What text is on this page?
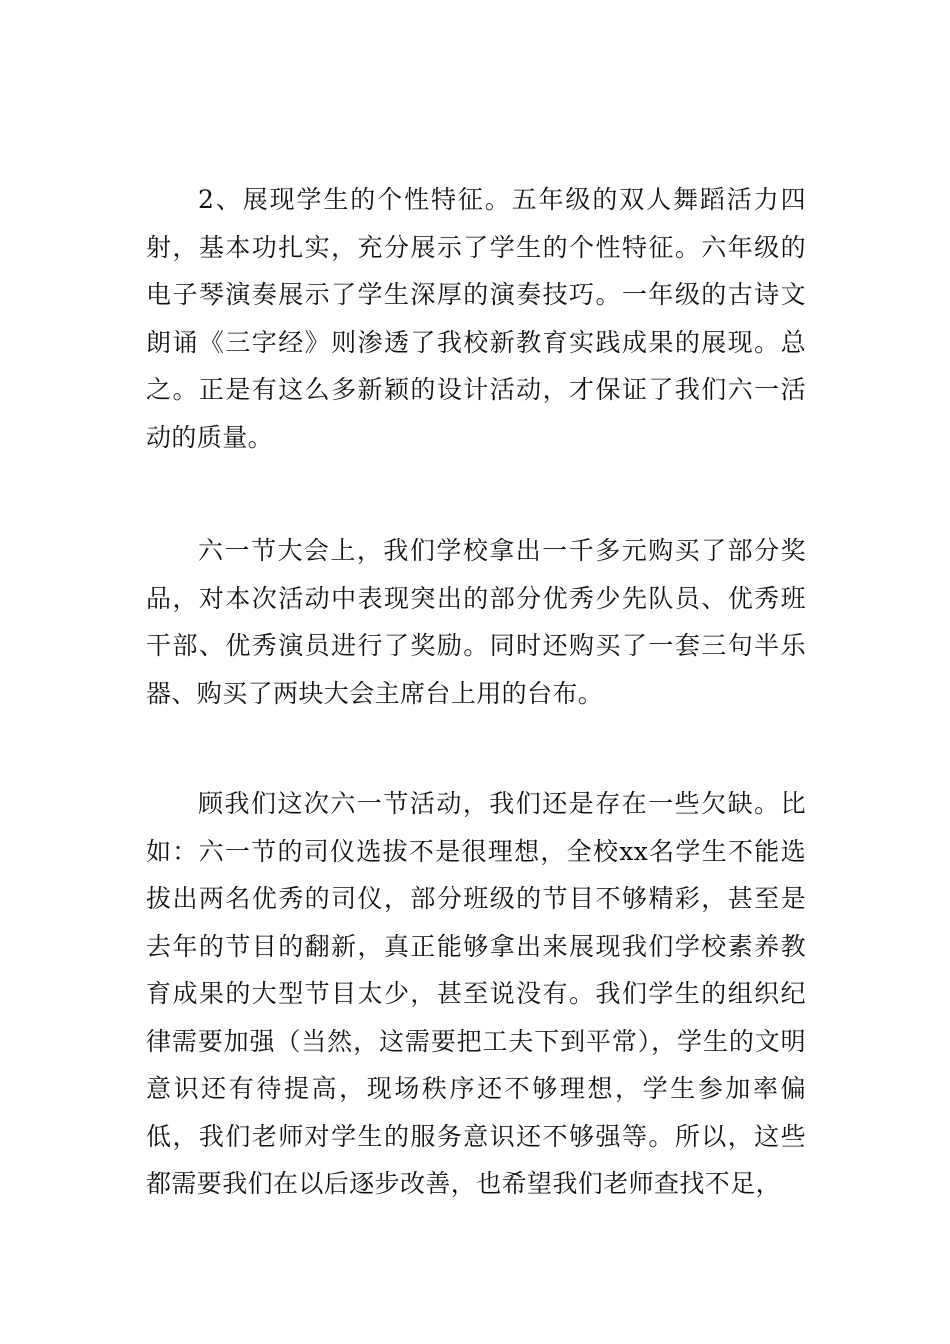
2、展现学生的个性特征。五年级的双人舞蹈活力四射，基本功扎实，充分展示了学生的个性特征。六年级的电子琴演奏展示了学生深厚的演奏技巧。一年级的古诗文朗诵《三字经》则渗透了我校新教育实践成果的展现。总之。正是有这么多新颖的设计活动，才保证了我们六一活动的质量。

六一节大会上，我们学校拿出一千多元购买了部分奖品，对本次活动中表现突出的部分优秀少先队员、优秀班干部、优秀演员进行了奖励。同时还购买了一套三句半乐器、购买了两块大会主席台上用的台布。

顾我们这次六一节活动，我们还是存在一些欠缺。比如：六一节的司仪选拔不是很理想，全校xx名学生不能选拔出两名优秀的司仪，部分班级的节目不够精彩，甚至是去年的节目的翻新，真正能够拿出来展现我们学校素养教育成果的大型节目太少，甚至说没有。我们学生的组织纪律需要加强（当然，这需要把工夫下到平常），学生的文明意识还有待提高，现场秩序还不够理想，学生参加率偏低，我们老师对学生的服务意识还不够强等。所以，这些都需要我们在以后逐步改善，也希望我们老师查找不足，
